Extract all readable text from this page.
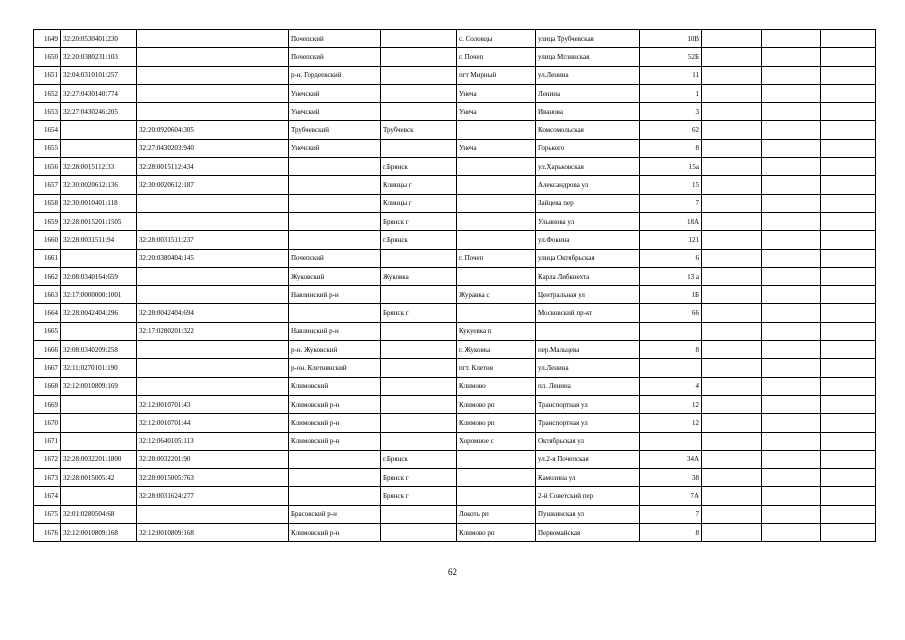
1649	32:20:0530401:230		Почепский		с. Соловцы	улица Трубчевская	10В			
1650	32:20:0380231:103		Почепский		г. Почеп	улица Мглинская	52Б			
1651	32:04:0310101:257		р-н. Гордеевский		пгт Мирный	ул.Ленина	11			
1652	32:27:0430140:774		Унечский		Унеча	Ленина	1			
1653	32:27:0430246:205		Унечский		Унеча	Иванова	3			
1654		32:20:0920604:305	Трубчевский	Трубчевск		Комсомольская	62			
1655		32:27:0430203:940	Унечский		Унеча	Горького	8			
1656	32:28:0015112:33	32:28:0015112:434		г.Брянск		ул.Харьковская	15а			
1657	32:30:0020612:136	32:30:0020612:187		Клинцы г		Александрова ул	15			
1658	32:30:0010401:118			Клинцы г		Зайцева пер	7			
1659	32:28:0015201:1505			Брянск г		Ульянова ул	18А			
1660	32:28:0031511:94	32:28:0031511:237		г.Брянск		ул.Фокина	121			
1661		32:20:0380404:145	Почепский		г. Почеп	улица Октябрьская	6			
1662	32:08:0340164:659		Жуковский	Жуковка		Карла Либкнехта	13 а			
1663	32:17:0000000:1001		Навлинский р-н		Журавка с	Центральная ул	1Б			
1664	32:28:0042404:296	32:28:0042404:694		Брянск г		Московский пр-кт	66			
1665		32:17:0280201:322	Навлинский р-н		Кукуевка п					
1666	32:08:0340209:258		р-н. Жуковский		г. Жуковка	пер.Мальцева	8			
1667	32:11:0270101:190		р-он. Клетнянский		пгт. Клетня	ул.Ленина				
1668	32:12:0010809:169		Климовский		Климово	пл. Ленина	4			
1669		32:12:0010701:43	Климовский р-н		Климово рп	Транспортная ул	12			
1670		32:12:0010701:44	Климовский р-н		Климово рп	Транспортная ул	12			
1671		32:12:0640105:113	Климовский р-н		Хоромное с	Октябрьская ул				
1672	32:28:0032201:1800	32:28:0032201:90		г.Брянск		ул.2-я Почепская	34А			
1673	32:28:0015005:42	32:28:0015005:763		Брянск г		Камозина ул	38			
1674		32:28:0031624:277		Брянск г		2-й Советский пер	7А			
1675	32:01:0280504:68		Брасовский р-н		Локоть рп	Пушкинская ул	7			
1676	32:12:0010809:168	32:12:0010809:168	Климовский р-н		Климово рп	Первомайская	8			
62
